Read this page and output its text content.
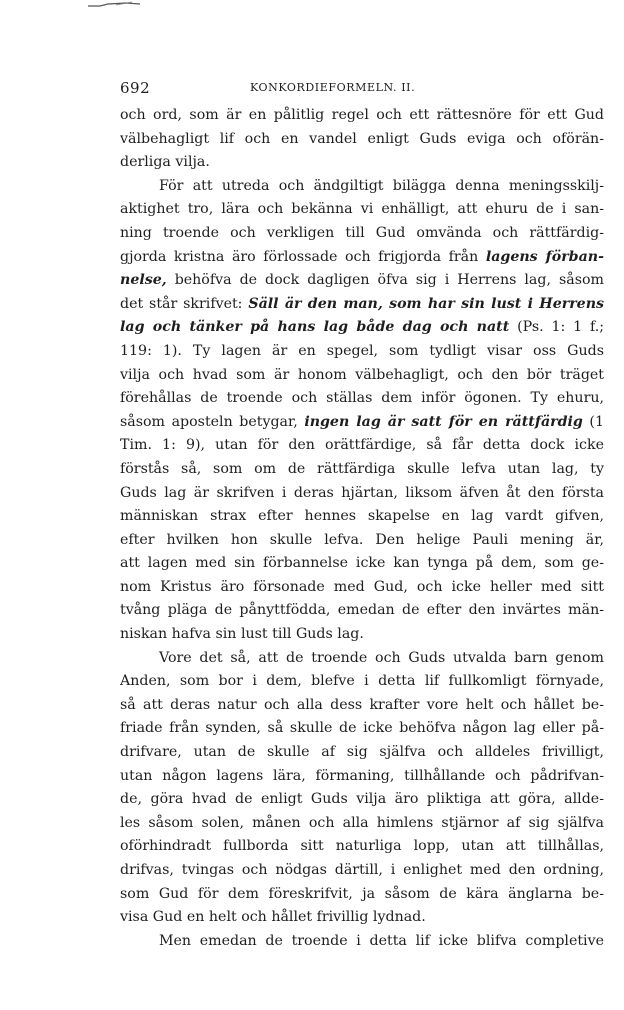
692	KONKORDIEFORMELN. II.
och ord, som är en pålitlig regel och ett rättesnöre för ett Gud
välbehagligt lif och en vandel enligt Guds eviga och oförän-
derliga vilja.
För att utreda och ändgiltigt bilägga denna meningsskilj-
aktighet tro, lära och bekänna vi enhälligt, att ehuru de i san-
ning troende och verkligen till Gud omvända och rättfärdig-
gjorda kristna äro förlossade och frigjorda från lagens förban-
nelse, behöfva de dock dagligen öfva sig i Herrens lag, såsom
det står skrifvet: Säll är den man, som har sin lust i Herrens
lag och tänker på hans lag både dag och natt (Ps. 1: 1 f.;
119: 1). Ty lagen är en spegel, som tydligt visar oss Guds
vilja och hvad som är honom välbehagligt, och den bör träget
förehållas de troende och ställas dem inför ögonen. Ty ehuru,
såsom aposteln betygar, ingen lag är satt för en rättfärdig (1
Tim. 1: 9), utan för den orättfärdige, så får detta dock icke
förstås så, som om de rättfärdiga skulle lefva utan lag, ty
Guds lag är skrifven i deras hjärtan, liksom äfven åt den första
människan strax efter hennes skapelse en lag vardt gifven,
efter hvilken hon skulle lefva. Den helige Pauli mening är,
att lagen med sin förbannelse icke kan tynga på dem, som ge-
nom Kristus äro försonade med Gud, och icke heller med sitt
tvång pläga de pånyttfödda, emedan de efter den invärtes män-
niskan hafva sin lust till Guds lag.
Vore det så, att de troende och Guds utvalda barn genom
Anden, som bor i dem, blefve i detta lif fullkomligt förnyade,
så att deras natur och alla dess krafter vore helt och hållet be-
friade från synden, så skulle de icke behöfva någon lag eller på-
drifvare, utan de skulle af sig själfva och alldeles frivilligt,
utan någon lagens lära, förmaning, tillhållande och pådrifvan-
de, göra hvad de enligt Guds vilja äro pliktiga att göra, allde-
les såsom solen, månen och alla himlens stjärnor af sig själfva
oförhindradt fullborda sitt naturliga lopp, utan att tillhållas,
drifvas, tvingas och nödgas därtill, i enlighet med den ordning,
som Gud för dem föreskrifvit, ja såsom de kära änglarna be-
visa Gud en helt och hållet frivillig lydnad.
Men emedan de troende i detta lif icke blifva completive
